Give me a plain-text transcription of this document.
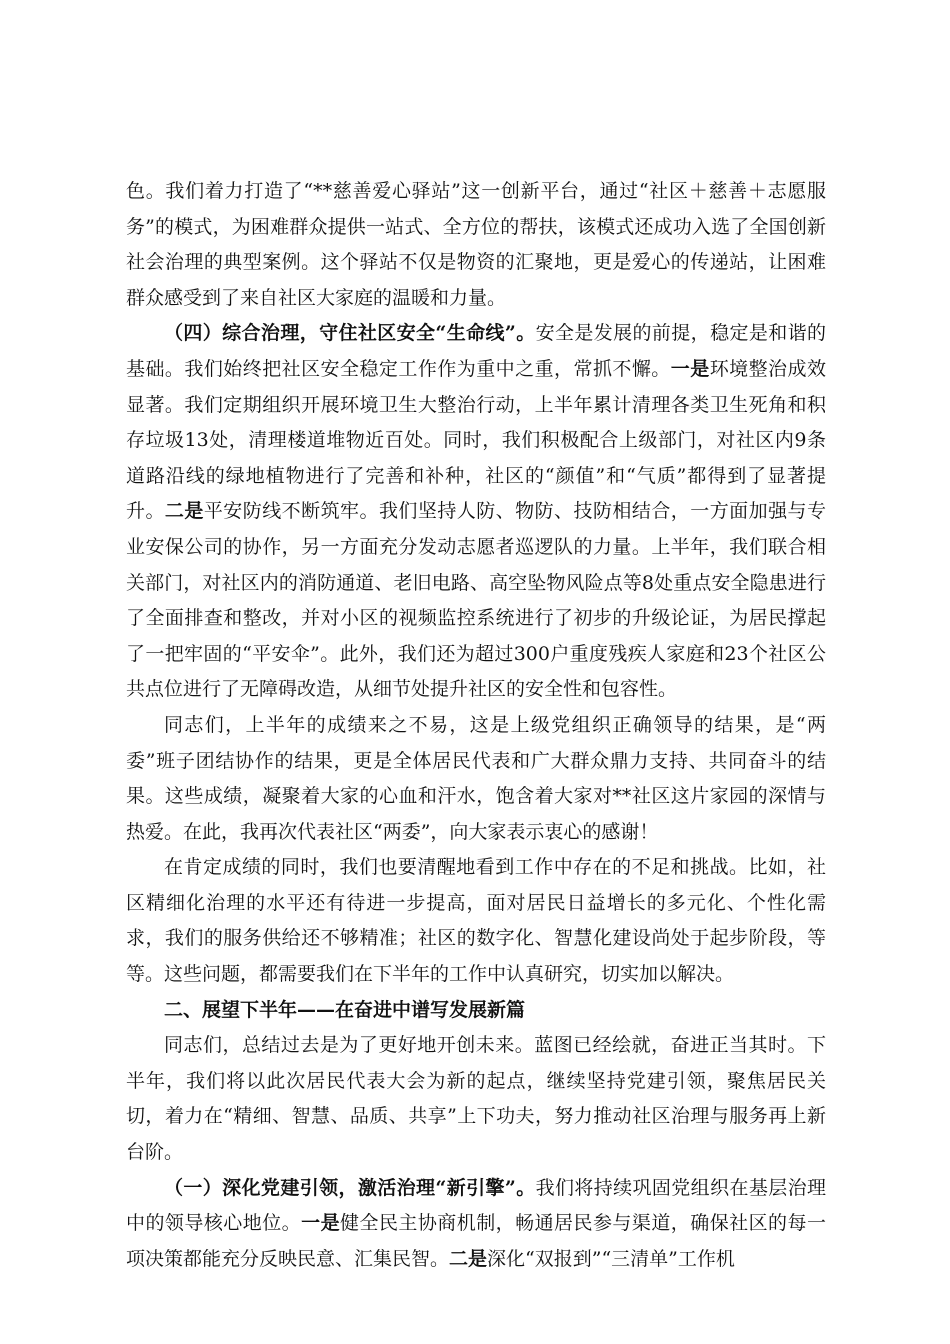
色。我们着力打造了“**慈善爱心驿站”这一创新平台，通过“社区＋慈善＋志愿服务”的模式，为困难群众提供一站式、全方位的帮扶，该模式还成功入选了全国创新社会治理的典型案例。这个驿站不仅是物资的汇聚地，更是爱心的传递站，让困难群众感受到了来自社区大家庭的温暖和力量。

（四）综合治理，守住社区安全“生命线”。安全是发展的前提，稳定是和谐的基础。我们始终把社区安全稳定工作作为重中之重，常抓不懈。一是环境整治成效显著。我们定期组织开展环境卫生大整治行动，上半年累计清理各类卫生死角和积存垃圾13处，清理楼道堆物近百处。同时，我们积极配合上级部门，对社区内9条道路沿线的绿地植物进行了完善和补种，社区的“颜值”和“气质”都得到了显著提升。二是平安防线不断筑牢。我们坚持人防、物防、技防相结合，一方面加强与专业安保公司的协作，另一方面充分发动志愿者巡逻队的力量。上半年，我们联合相关部门，对社区内的消防通道、老旧电路、高空坠物风险点等8处重点安全隐患进行了全面排查和整改，并对小区的视频监控系统进行了初步的升级论证，为居民撑起了一把牢固的“平安伞”。此外，我们还为超过300户重度残疾人家庭和23个社区公共点位进行了无障碍改造，从细节处提升社区的安全性和包容性。

同志们，上半年的成绩来之不易，这是上级党组织正确领导的结果，是“两委”班子团结协作的结果，更是全体居民代表和广大群众鼎力支持、共同奋斗的结果。这些成绩，凝聚着大家的心血和汗水，饱含着大家对**社区这片家园的深情与热爱。在此，我再次代表社区“两委”，向大家表示衷心的感谢！

在肯定成绩的同时，我们也要清醒地看到工作中存在的不足和挑战。比如，社区精细化治理的水平还有待进一步提高，面对居民日益增长的多元化、个性化需求，我们的服务供给还不够精准；社区的数字化、智慧化建设尚处于起步阶段，等等。这些问题，都需要我们在下半年的工作中认真研究，切实加以解决。

二、展望下半年——在奋进中谱写发展新篇

同志们，总结过去是为了更好地开创未来。蓝图已经绘就，奋进正当其时。下半年，我们将以此次居民代表大会为新的起点，继续坚持党建引领，聚焦居民关切，着力在“精细、智慧、品质、共享”上下功夫，努力推动社区治理与服务再上新台阶。

（一）深化党建引领，激活治理“新引擎”。我们将持续巩固党组织在基层治理中的领导核心地位。一是健全民主协商机制，畅通居民参与渠道，确保社区的每一项决策都能充分反映民意、汇集民智。二是深化“双报到”“三清单”工作机
